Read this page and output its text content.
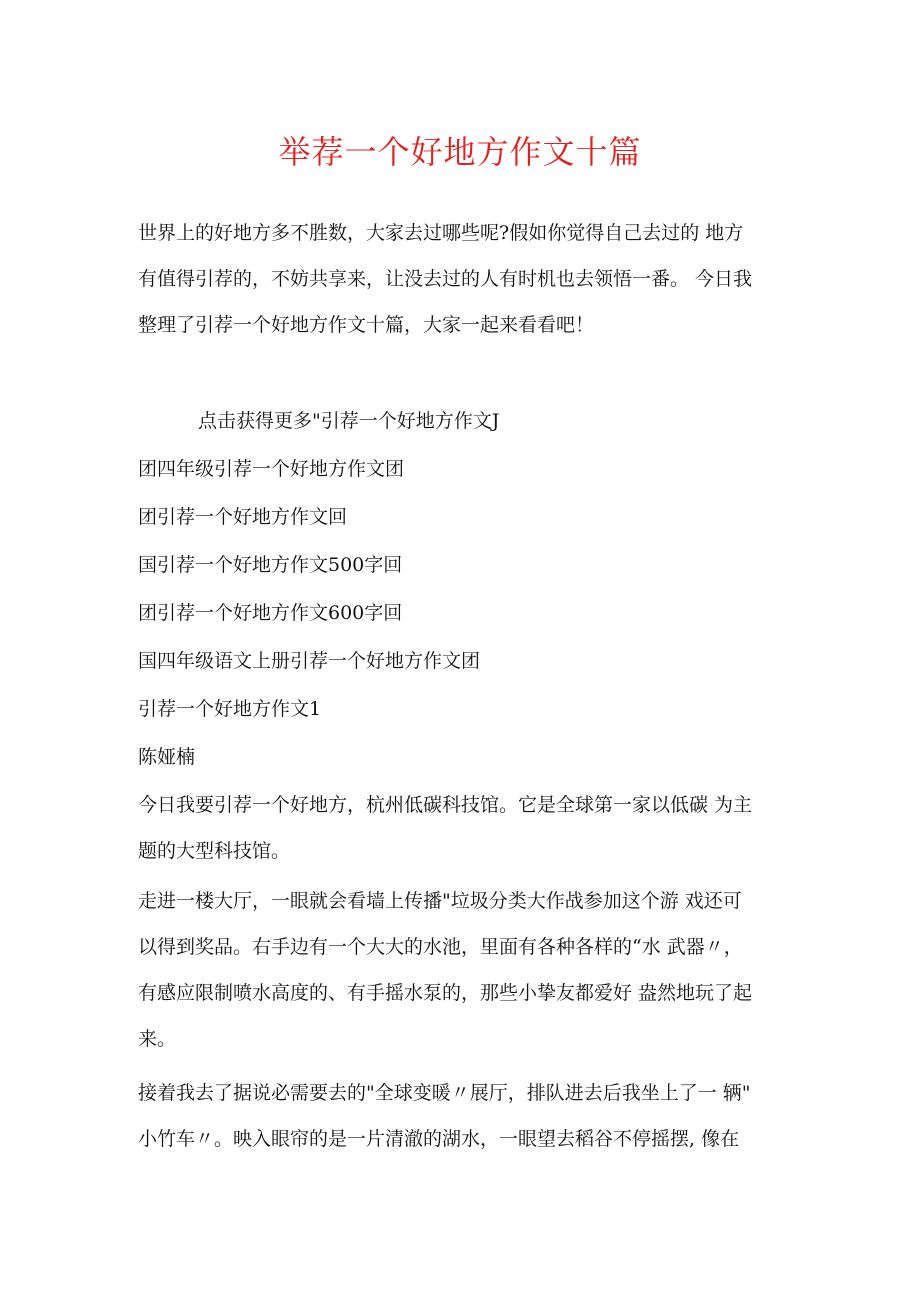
举荐一个好地方作文十篇
世界上的好地方多不胜数，大家去过哪些呢?假如你觉得自己去过的 地方
有值得引荐的，不妨共享来，让没去过的人有时机也去领悟一番。 今日我
整理了引荐一个好地方作文十篇，大家一起来看看吧！
点击获得更多"引荐一个好地方作文J
团四年级引荐一个好地方作文团
团引荐一个好地方作文回
国引荐一个好地方作文500字回
团引荐一个好地方作文600字回
国四年级语文上册引荐一个好地方作文团
引荐一个好地方作文1
陈娅楠
今日我要引荐一个好地方，杭州低碳科技馆。它是全球第一家以低碳 为主
题的大型科技馆。
走进一楼大厅，一眼就会看墙上传播"垃圾分类大作战参加这个游 戏还可
以得到奖品。右手边有一个大大的水池，里面有各种各样的“水 武器〃，
有感应限制喷水高度的、有手摇水泵的，那些小挚友都爱好 盎然地玩了起
来。
接着我去了据说必需要去的"全球变暖〃展厅，排队进去后我坐上了一 辆"
小竹车〃。映入眼帘的是一片清澈的湖水，一眼望去稻谷不停摇摆, 像在
